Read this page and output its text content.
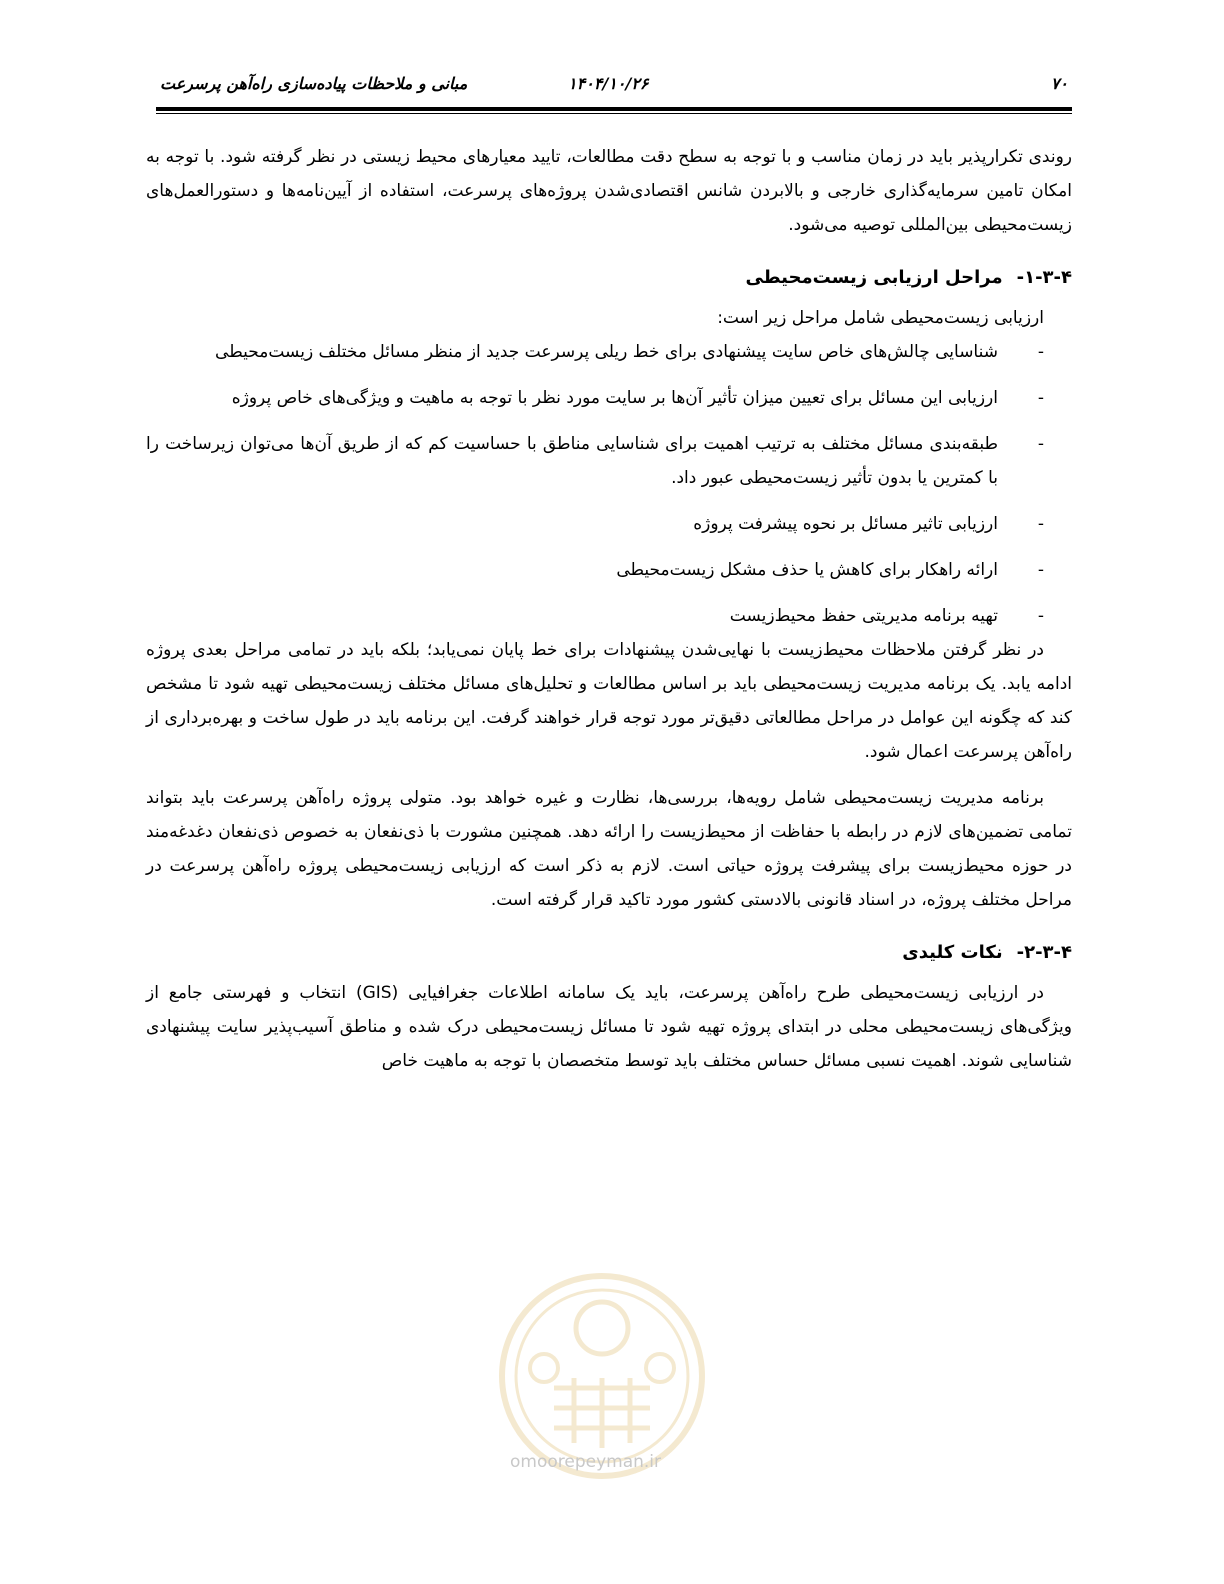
مبانی و ملاحظات پیاده‌سازی راه‌آهن پرسرعت	۱۴۰۴/۱۰/۲۶	۷۰

روندی تکرارپذیر باید در زمان مناسب و با توجه به سطح دقت مطالعات، تایید معیارهای محیط زیستی در نظر گرفته شود. با توجه به امکان تامین سرمایه‌گذاری خارجی و بالابردن شانس اقتصادی‌شدن پروژه‌های پرسرعت، استفاده از آیین‌نامه‌ها و دستورالعمل‌های زیست‌محیطی بین‌المللی توصیه می‌شود.

۱-۳-۴-مراحل ارزیابی زیست‌محیطی

ارزیابی زیست‌محیطی شامل مراحل زیر است:

-
شناسایی چالش‌های خاص سایت پیشنهادی برای خط ریلی پرسرعت جدید از منظر مسائل مختلف زیست‌محیطی
-
ارزیابی این مسائل برای تعیین میزان تأثیر آن‌ها بر سایت مورد نظر با توجه به ماهیت و ویژگی‌های خاص پروژه
-
طبقه‌بندی مسائل مختلف به ترتیب اهمیت برای شناسایی مناطق با حساسیت کم که از طریق آن‌ها می‌توان زیرساخت را با کمترین یا بدون تأثیر زیست‌محیطی عبور داد.
-
ارزیابی تاثیر مسائل بر نحوه پیشرفت پروژه
-
ارائه راهکار برای کاهش یا حذف مشکل زیست‌محیطی
-
تهیه برنامه مدیریتی حفظ محیط‌زیست

در نظر گرفتن ملاحظات محیط‌زیست با نهایی‌شدن پیشنهادات برای خط پایان نمی‌یابد؛ بلکه باید در تمامی مراحل بعدی پروژه ادامه یابد. یک برنامه مدیریت زیست‌محیطی باید بر اساس مطالعات و تحلیل‌های مسائل مختلف زیست‌محیطی تهیه شود تا مشخص کند که چگونه این عوامل در مراحل مطالعاتی دقیق‌تر مورد توجه قرار خواهند گرفت. این برنامه باید در طول ساخت و بهره‌برداری از راه‌آهن پرسرعت اعمال شود.

برنامه مدیریت زیست‌محیطی شامل رویه‌ها، بررسی‌ها، نظارت و غیره خواهد بود. متولی پروژه راه‌آهن پرسرعت باید بتواند تمامی تضمین‌های لازم در رابطه با حفاظت از محیط‌زیست را ارائه دهد. همچنین مشورت با ذی‌نفعان به خصوص ذی‌نفعان دغدغه‌مند در حوزه محیط‌زیست برای پیشرفت پروژه حیاتی است. لازم به ذکر است که ارزیابی زیست‌محیطی پروژه راه‌آهن پرسرعت در مراحل مختلف پروژه، در اسناد قانونی بالادستی کشور مورد تاکید قرار گرفته است.

۲-۳-۴-نکات کلیدی

در ارزیابی زیست‌محیطی طرح راه‌آهن پرسرعت، باید یک سامانه اطلاعات جغرافیایی (GIS) انتخاب و فهرستی جامع از ویژگی‌های زیست‌محیطی محلی در ابتدای پروژه تهیه شود تا مسائل زیست‌محیطی درک شده و مناطق آسیب‌پذیر سایت پیشنهادی شناسایی شوند. اهمیت نسبی مسائل حساس مختلف باید توسط متخصصان با توجه به ماهیت خاص

omoorepeyman.ir
